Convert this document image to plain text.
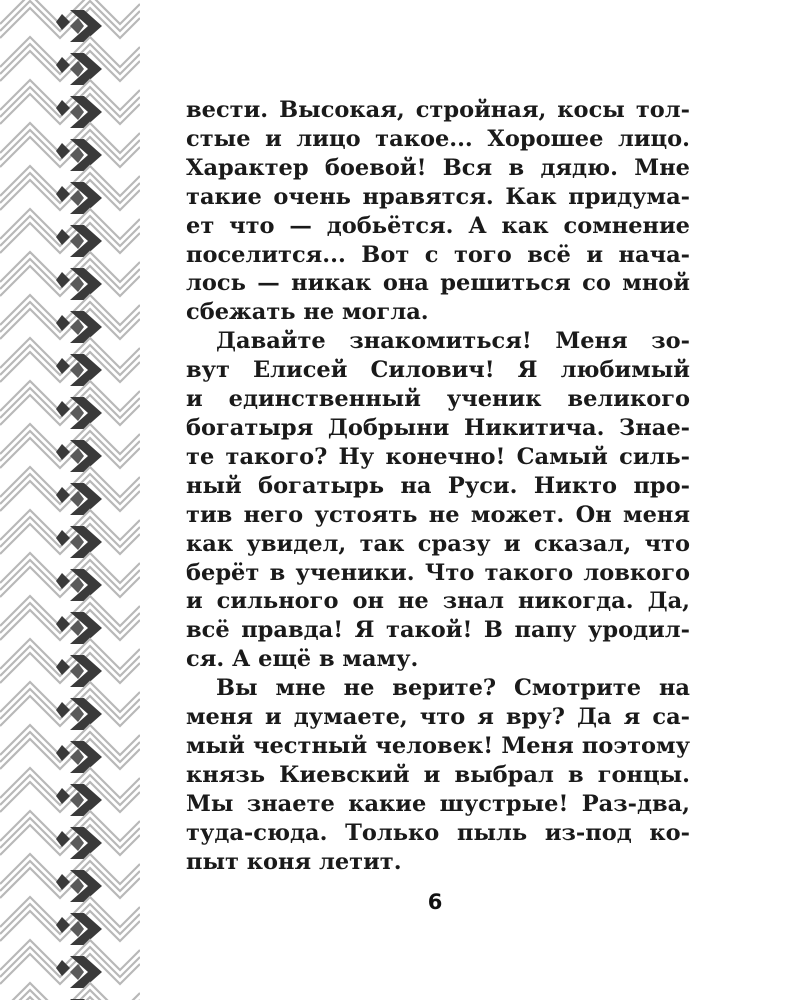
вести. Высокая, стройная, косы тол-
стые и лицо такое... Хорошее лицо.
Характер боевой! Вся в дядю. Мне
такие очень нравятся. Как придума-
ет что — добьётся. А как сомнение
поселится... Вот с того всё и нача-
лось — никак она решиться со мной
сбежать не могла.
Давайте знакомиться! Меня зо-
вут Елисей Силович! Я любимый
и единственный ученик великого
богатыря Добрыни Никитича. Знае-
те такого? Ну конечно! Самый силь-
ный богатырь на Руси. Никто про-
тив него устоять не может. Он меня
как увидел, так сразу и сказал, что
берёт в ученики. Что такого ловкого
и сильного он не знал никогда. Да,
всё правда! Я такой! В папу уродил-
ся. А ещё в маму.
Вы мне не верите? Смотрите на
меня и думаете, что я вру? Да я са-
мый честный человек! Меня поэтому
князь Киевский и выбрал в гонцы.
Мы знаете какие шустрые! Раз-два,
туда-сюда. Только пыль из-под ко-
пыт коня летит.
6
